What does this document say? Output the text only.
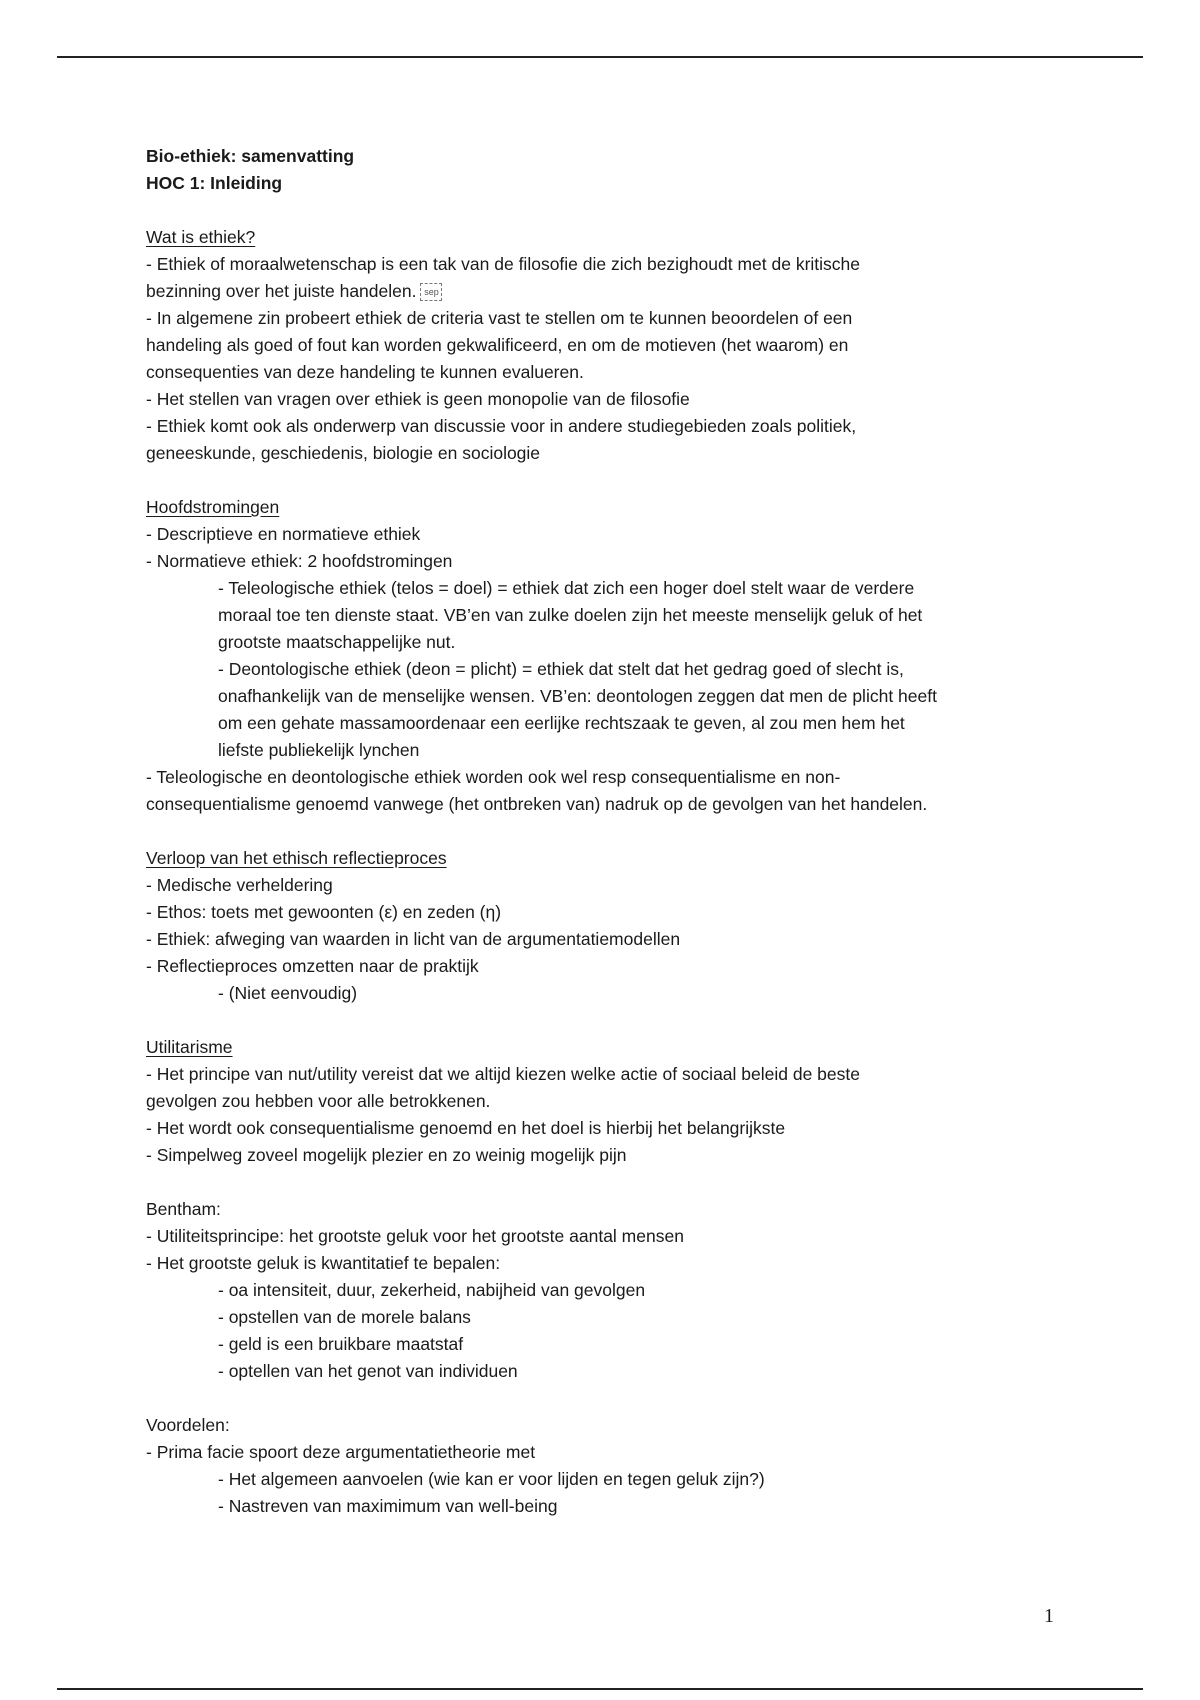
Bio-ethiek: samenvatting
HOC 1: Inleiding
Wat is ethiek?
- Ethiek of moraalwetenschap is een tak van de filosofie die zich bezighoudt met de kritische
bezinning over het juiste handelen. sep
- In algemene zin probeert ethiek de criteria vast te stellen om te kunnen beoordelen of een
handeling als goed of fout kan worden gekwalificeerd, en om de motieven (het waarom) en
consequenties van deze handeling te kunnen evalueren.
- Het stellen van vragen over ethiek is geen monopolie van de filosofie
- Ethiek komt ook als onderwerp van discussie voor in andere studiegebieden zoals politiek,
geneeskunde, geschiedenis, biologie en sociologie
Hoofdstromingen
- Descriptieve en normatieve ethiek
- Normatieve ethiek: 2 hoofdstromingen
- Teleologische ethiek (telos = doel) = ethiek dat zich een hoger doel stelt waar de verdere
moraal toe ten dienste staat. VB’en van zulke doelen zijn het meeste menselijk geluk of het
grootste maatschappelijke nut.
- Deontologische ethiek (deon = plicht) = ethiek dat stelt dat het gedrag goed of slecht is,
onafhankelijk van de menselijke wensen. VB’en: deontologen zeggen dat men de plicht heeft
om een gehate massamoordenaar een eerlijke rechtszaak te geven, al zou men hem het
liefste publiekelijk lynchen
- Teleologische en deontologische ethiek worden ook wel resp consequentialisme en non-
consequentialisme genoemd vanwege (het ontbreken van) nadruk op de gevolgen van het handelen.
Verloop van het ethisch reflectieproces
- Medische verheldering
- Ethos: toets met gewoonten (ε) en zeden (η)
- Ethiek: afweging van waarden in licht van de argumentatiemodellen
- Reflectieproces omzetten naar de praktijk
- (Niet eenvoudig)
Utilitarisme
- Het principe van nut/utility vereist dat we altijd kiezen welke actie of sociaal beleid de beste
gevolgen zou hebben voor alle betrokkenen.
- Het wordt ook consequentialisme genoemd en het doel is hierbij het belangrijkste
- Simpelweg zoveel mogelijk plezier en zo weinig mogelijk pijn
Bentham:
- Utiliteitsprincipe: het grootste geluk voor het grootste aantal mensen
- Het grootste geluk is kwantitatief te bepalen:
- oa intensiteit, duur, zekerheid, nabijheid van gevolgen
- opstellen van de morele balans
- geld is een bruikbare maatstaf
- optellen van het genot van individuen
Voordelen:
- Prima facie spoort deze argumentatietheorie met
- Het algemeen aanvoelen (wie kan er voor lijden en tegen geluk zijn?)
- Nastreven van maximimum van well-being
1
